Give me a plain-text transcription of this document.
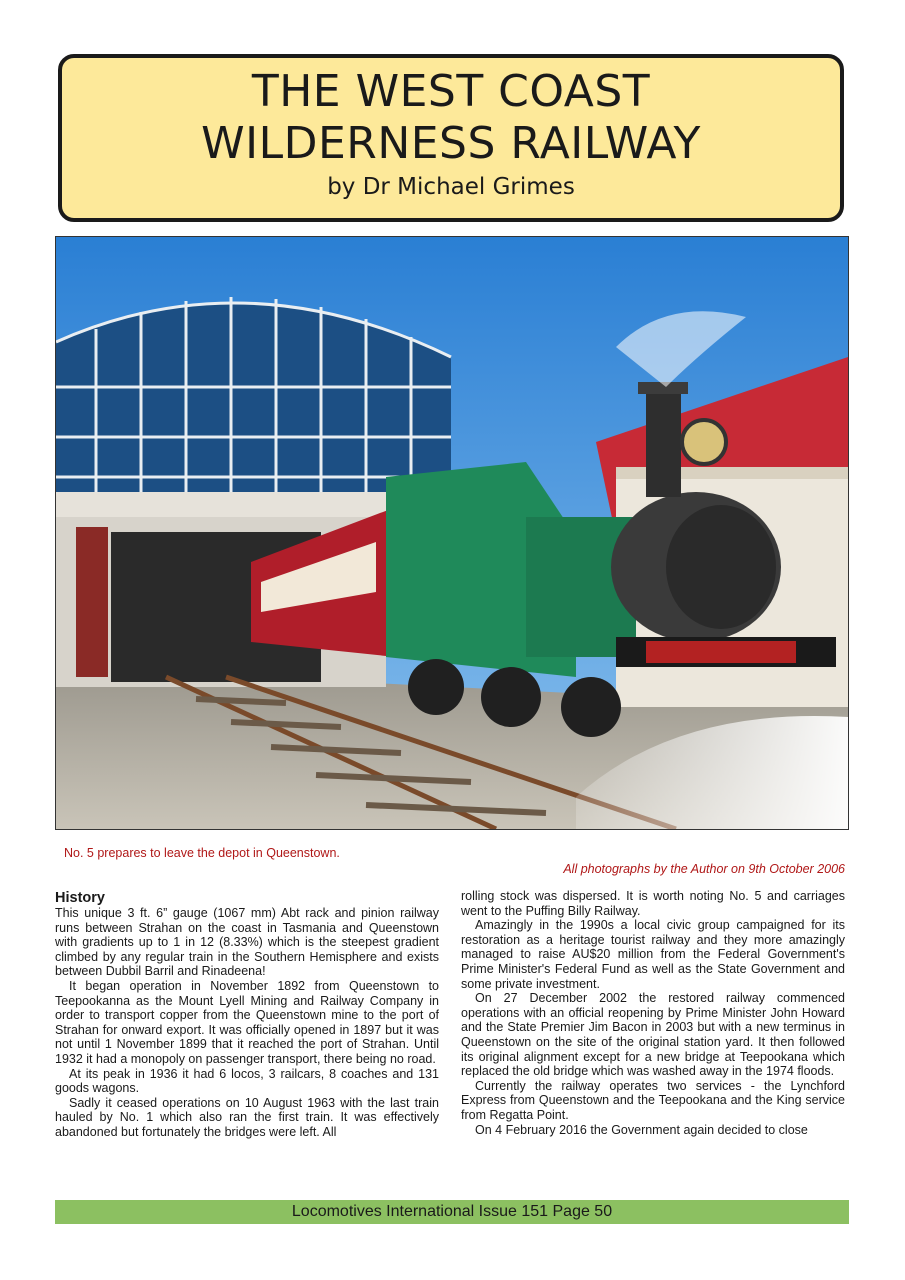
THE WEST COAST
WILDERNESS RAILWAY
by Dr Michael Grimes
No. 5 prepares to leave the depot in Queenstown.
All photographs by the Author on 9th October 2006
History

This unique 3 ft. 6” gauge (1067 mm) Abt rack and pinion railway runs between Strahan on the coast in Tasmania and Queenstown with gradients up to 1 in 12 (8.33%) which is the steepest gradient climbed by any regular train in the Southern Hemisphere and exists between Dubbil Barril and Rinadeena!

It began operation in November 1892 from Queenstown to Teepookanna as the Mount Lyell Mining and Railway Company in order to transport copper from the Queenstown mine to the port of Strahan for onward export. It was officially opened in 1897 but it was not until 1 November 1899 that it reached the port of Strahan. Until 1932 it had a monopoly on passenger transport, there being no road.

At its peak in 1936 it had 6 locos, 3 railcars, 8 coaches and 131 goods wagons.

Sadly it ceased operations on 10 August 1963 with the last train hauled by No. 1 which also ran the first train. It was effectively abandoned but fortunately the bridges were left. All

rolling stock was dispersed. It is worth noting No. 5 and carriages went to the Puffing Billy Railway.

Amazingly in the 1990s a local civic group campaigned for its restoration as a heritage tourist railway and they more amazingly managed to raise AU$20 million from the Federal Government's Prime Minister's Federal Fund as well as the State Government and some private investment.

On 27 December 2002 the restored railway commenced operations with an official reopening by Prime Minister John Howard and the State Premier Jim Bacon in 2003 but with a new terminus in Queenstown on the site of the original station yard. It then followed its original alignment except for a new bridge at Teepookana which replaced the old bridge which was washed away in the 1974 floods.

Currently the railway operates two services - the Lynchford Express from Queenstown and the Teepookana and the King service from Regatta Point.

On 4 February 2016 the Government again decided to close

Locomotives International Issue 151 Page 50
